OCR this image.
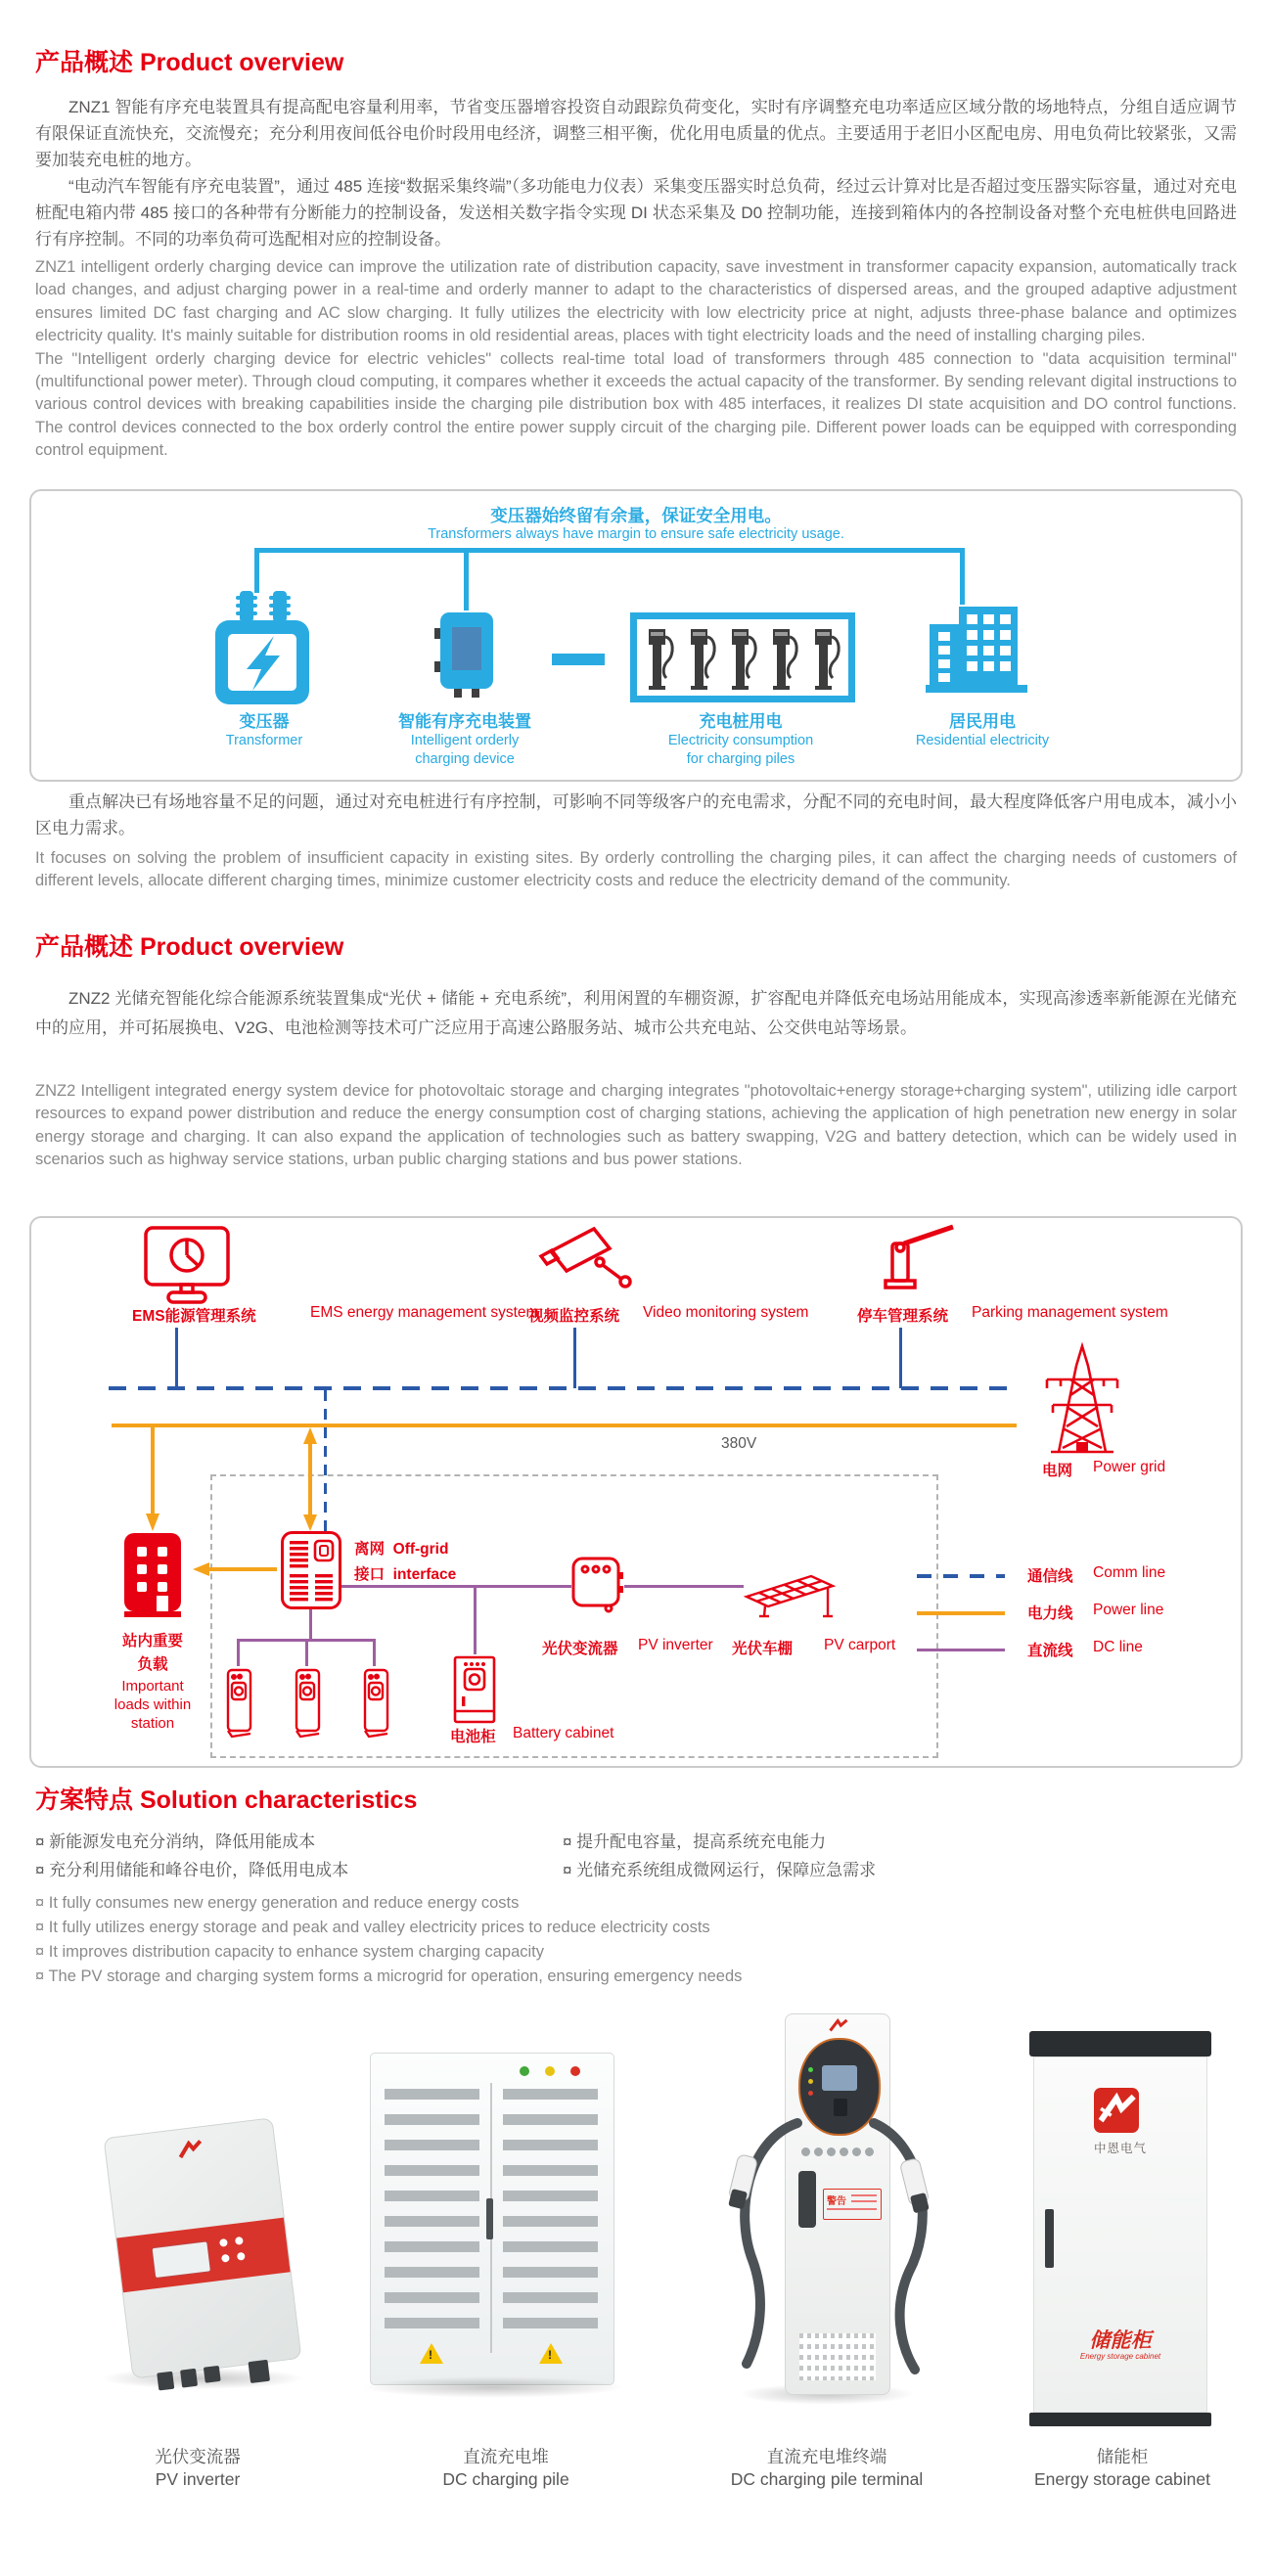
产品概述 Product overview

ZNZ1 智能有序充电装置具有提高配电容量利用率，节省变压器增容投资自动跟踪负荷变化，实时有序调整充电功率适应区域分散的场地特点，分组自适应调节有限保证直流快充，交流慢充；充分利用夜间低谷电价时段用电经济，调整三相平衡，优化用电质量的优点。主要适用于老旧小区配电房、用电负荷比较紧张，又需要加装充电桩的地方。

“电动汽车智能有序充电装置”，通过 485 连接“数据采集终端”（多功能电力仪表）采集变压器实时总负荷，经过云计算对比是否超过变压器实际容量，通过对充电桩配电箱内带 485 接口的各种带有分断能力的控制设备，发送相关数字指令实现 DI 状态采集及 D0 控制功能，连接到箱体内的各控制设备对整个充电桩供电回路进行有序控制。不同的功率负荷可选配相对应的控制设备。

ZNZ1 intelligent orderly charging device can improve the utilization rate of distribution capacity, save investment in transformer capacity expansion, automatically track load changes, and adjust charging power in a real-time and orderly manner to adapt to the characteristics of dispersed areas, and the grouped adaptive adjustment ensures limited DC fast charging and AC slow charging. It fully utilizes the electricity with low electricity price at night, adjusts three-phase balance and optimizes electricity quality. It's mainly suitable for distribution rooms in old residential areas, places with tight electricity loads and the need of installing charging piles.

The "Intelligent orderly charging device for electric vehicles" collects real-time total load of transformers through 485 connection to "data acquisition terminal" (multifunctional power meter). Through cloud computing, it compares whether it exceeds the actual capacity of the transformer. By sending relevant digital instructions to various control devices with breaking capabilities inside the charging pile distribution box with 485 interfaces, it realizes DI state acquisition and DO control functions. The control devices connected to the box orderly control the entire power supply circuit of the charging pile. Different power loads can be equipped with corresponding control equipment.

变压器始终留有余量，保证安全用电。
Transformers always have margin to ensure safe electricity usage.
变压器	智能有序充电装置	充电桩用电	居民用电
Transformer	Intelligent orderly
charging device
Electricity consumption
for charging piles
Residential electricity

重点解决已有场地容量不足的问题，通过对充电桩进行有序控制，可影响不同等级客户的充电需求，分配不同的充电时间，最大程度降低客户用电成本，减小小区电力需求。

It focuses on solving the problem of insufficient capacity in existing sites. By orderly controlling the charging piles, it can affect the charging needs of customers of different levels, allocate different charging times, minimize customer electricity costs and reduce the electricity demand of the community.

产品概述 Product overview

ZNZ2 光储充智能化综合能源系统装置集成“光伏 + 储能 + 充电系统”，利用闲置的车棚资源，扩容配电并降低充电场站用能成本，实现高渗透率新能源在光储充中的应用，并可拓展换电、V2G、电池检测等技术可广泛应用于高速公路服务站、城市公共充电站、公交供电站等场景。

ZNZ2 Intelligent integrated energy system device for photovoltaic storage and charging integrates "photovoltaic+energy storage+charging system", utilizing idle carport resources to expand power distribution and reduce the energy consumption cost of charging stations, achieving the application of high penetration new energy in solar energy storage and charging. It can also expand the application of technologies such as battery swapping, V2G and battery detection, which can be widely used in scenarios such as highway service stations, urban public charging stations and bus power stations.

EMS能源管理系统	EMS energy management system
视频监控系统 Video monitoring system	停车管理系统 Parking management system
380V
电网 Power grid
站内重要
负载
Important
loads within
station
离网 Off-grid
接口 interface
电池柜 Battery cabinet
光伏变流器 PV inverter 光伏车棚 PV carport
通信线 Comm line
电力线 Power line
直流线 DC line
方案特点 Solution characteristics
¤ 新能源发电充分消纳，降低用能成本	¤ 提升配电容量，提高系统充电能力
¤ 充分利用储能和峰谷电价，降低用电成本	¤ 光储充系统组成微网运行，保障应急需求
¤ It fully consumes new energy generation and reduce energy costs
¤ It fully utilizes energy storage and peak and valley electricity prices to reduce electricity costs
¤ It improves distribution capacity to enhance system charging capacity
¤ The PV storage and charging system forms a microgrid for operation, ensuring emergency needs
!
!
警告
中恩电气
储能柜
Energy storage cabinet
光伏变流器
PV inverter
直流充电堆
DC charging pile
直流充电堆终端
DC charging pile terminal
储能柜
Energy storage cabinet
